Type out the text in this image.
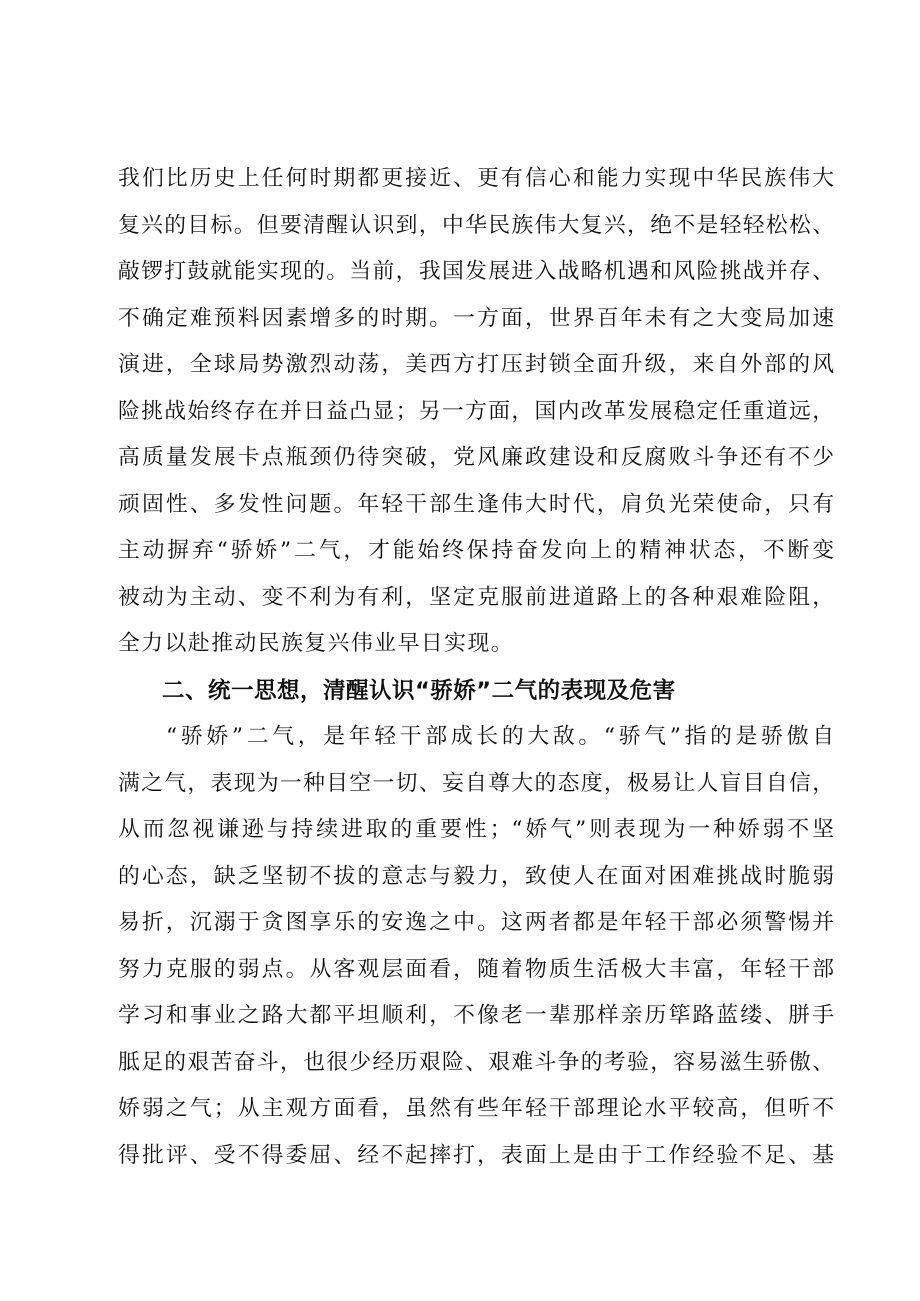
我们比历史上任何时期都更接近、更有信心和能力实现中华民族伟大
复兴的目标。但要清醒认识到，中华民族伟大复兴，绝不是轻轻松松、
敲锣打鼓就能实现的。当前，我国发展进入战略机遇和风险挑战并存、
不确定难预料因素增多的时期。一方面，世界百年未有之大变局加速
演进，全球局势激烈动荡，美西方打压封锁全面升级，来自外部的风
险挑战始终存在并日益凸显；另一方面，国内改革发展稳定任重道远，
高质量发展卡点瓶颈仍待突破，党风廉政建设和反腐败斗争还有不少
顽固性、多发性问题。年轻干部生逢伟大时代，肩负光荣使命，只有
主动摒弃“骄娇”二气，才能始终保持奋发向上的精神状态，不断变
被动为主动、变不利为有利，坚定克服前进道路上的各种艰难险阻，
全力以赴推动民族复兴伟业早日实现。
二、统一思想，清醒认识“骄娇”二气的表现及危害
“骄娇”二气，是年轻干部成长的大敌。“骄气”指的是骄傲自
满之气，表现为一种目空一切、妄自尊大的态度，极易让人盲目自信，
从而忽视谦逊与持续进取的重要性；“娇气”则表现为一种娇弱不坚
的心态，缺乏坚韧不拔的意志与毅力，致使人在面对困难挑战时脆弱
易折，沉溺于贪图享乐的安逸之中。这两者都是年轻干部必须警惕并
努力克服的弱点。从客观层面看，随着物质生活极大丰富，年轻干部
学习和事业之路大都平坦顺利，不像老一辈那样亲历筚路蓝缕、胼手
胝足的艰苦奋斗，也很少经历艰险、艰难斗争的考验，容易滋生骄傲、
娇弱之气；从主观方面看，虽然有些年轻干部理论水平较高，但听不
得批评、受不得委屈、经不起摔打，表面上是由于工作经验不足、基
